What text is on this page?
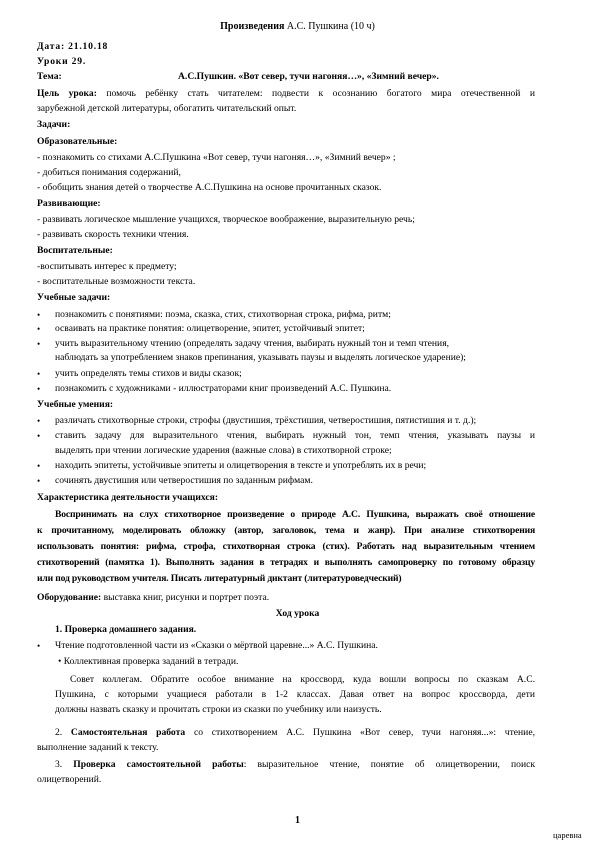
Произведения А.С. Пушкина (10 ч)
Дата: 21.10.18
Уроки 29.
Тема:	А.С.Пушкин. «Вот север, тучи нагоняя…», «Зимний вечер».
Цель урока: помочь ребёнку стать читателем: подвести к осознанию богатого мира отечественной и
зарубежной детской литературы, обогатить читательский опыт.
Задачи:
Образовательные:
- познакомить со стихами А.С.Пушкина «Вот север, тучи нагоняя…», «Зимний вечер» ;
- добиться понимания содержаний,
- обобщить знания детей о творчестве А.С.Пушкина на основе прочитанных сказок.
Развивающие:
- развивать логическое мышление учащихся, творческое воображение, выразительную речь;
- развивать скорость техники чтения.
Воспитательные:
-воспитывать интерес к предмету;
- воспитательные возможности текста.
Учебные задачи:
• познакомить с понятиями: поэма, сказка, стих, стихотворная строка, рифма, ритм;
• осваивать на практике понятия: олицетворение, эпитет, устойчивый эпитет;
• учить выразительному чтению (определять задачу чтения, выбирать нужный тон и темп чтения,
наблюдать за употреблением знаков препинания, указывать паузы и выделять логическое ударение);
• учить определять темы стихов и виды сказок;
• познакомить с художниками - иллюстраторами книг произведений А.С. Пушкина.
Учебные умения:
• различать стихотворные строки, строфы (двустишия, трёхстишия, четверостишия, пятистишия и т. д.);
• ставить задачу для выразительного чтения, выбирать нужный тон, темп чтения, указывать паузы и
выделять при чтении логические ударения (важные слова) в стихотворной строке;
• находить эпитеты, устойчивые эпитеты и олицетворения в тексте и употреблять их в речи;
• сочинять двустишия или четверостишия по заданным рифмам.
Характеристика деятельности учащихся:
Воспринимать на слух стихотворное произведение о природе А.С. Пушкина, выражать своё отношение
к прочитанному, моделировать обложку (автор, заголовок, тема и жанр). При анализе стихотворения
использовать понятия: рифма, строфа, стихотворная строка (стих). Работать над выразительным чтением
стихотворений (памятка 1). Выполнять задания в тетрадях и выполнять самопроверку по готовому образцу
или под руководством учителя. Писать литературный диктант (литературоведческий)
Оборудование: выставка книг, рисунки и портрет поэта.
Ход урока
1. Проверка домашнего задания.
• Чтение подготовленной части из «Сказки о мёртвой царевне...» А.С. Пушкина.
• Коллективная проверка заданий в тетради.
Совет коллегам. Обратите особое внимание на кроссворд, куда вошли вопросы по сказкам А.С.
Пушкина, с которыми учащиеся работали в 1-2 классах. Давая ответ на вопрос кроссворда, дети
должны назвать сказку и прочитать строки из сказки по учебнику или наизусть.
2. Самостоятельная работа со стихотворением А.С. Пушкина «Вот север, тучи нагоняя...»: чтение,
выполнение заданий к тексту.
3. Проверка самостоятельной работы: выразительное чтение, понятие об олицетворении, поиск
олицетворений.
1
царевна
